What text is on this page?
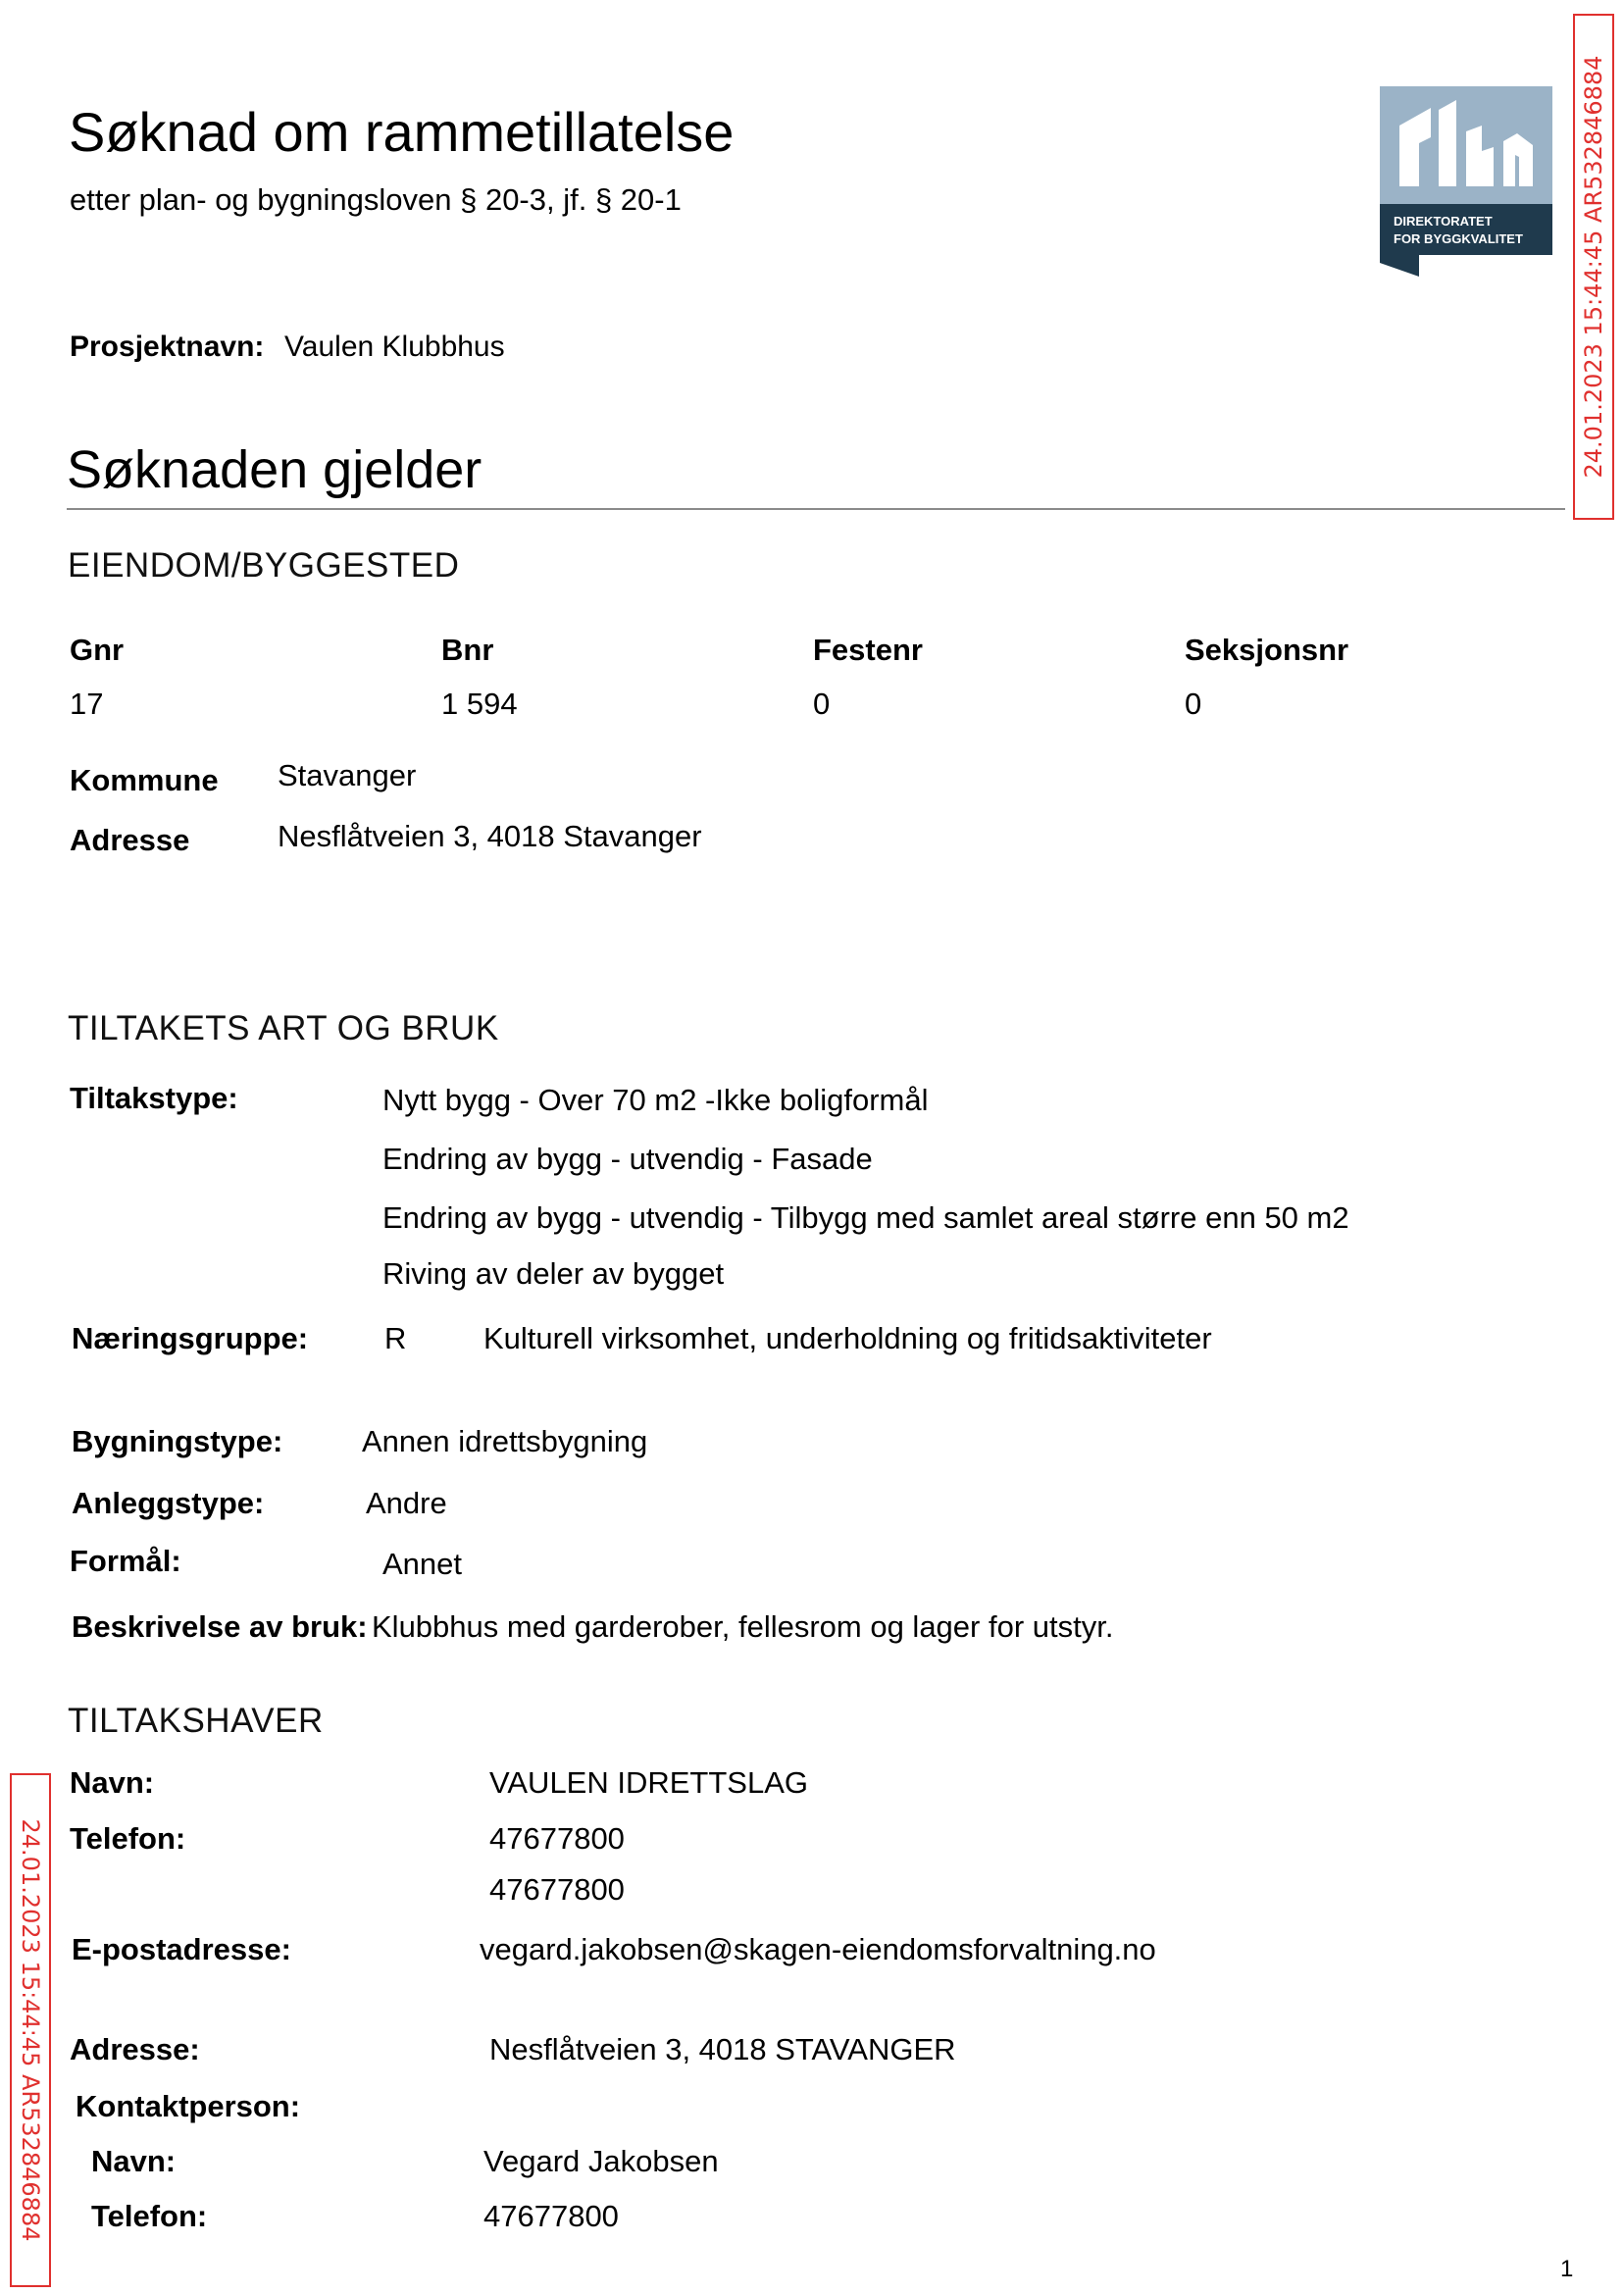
Søknad om rammetillatelse
etter plan- og bygningsloven § 20-3, jf. § 20-1
DIREKTORATET
FOR BYGGKVALITET 24.01.2023 15:44:45 AR532846884
24.01.2023 15:44:45 AR532846884
Prosjektnavn: Vaulen Klubbhus
Søknaden gjelder
EIENDOM/BYGGESTED
Gnr	Bnr	Festenr	Seksjonsnr
17	1 594	0	0
Kommune Stavanger
Adresse	Nesflåtveien 3, 4018 Stavanger
TILTAKETS ART OG BRUK
Tiltakstype:	Nytt bygg - Over 70 m2 -Ikke boligformål
Endring av bygg - utvendig - Fasade
Endring av bygg - utvendig - Tilbygg med samlet areal større enn 50 m2
Riving av deler av bygget
Næringsgruppe:	R	Kulturell virksomhet, underholdning og fritidsaktiviteter
Bygningstype:	Annen idrettsbygning
Anleggstype:	Andre
Formål:	Annet
Beskrivelse av bruk: Klubbhus med garderober, fellesrom og lager for utstyr.
TILTAKSHAVER
Navn:	VAULEN IDRETTSLAG
Telefon:	47677800
47677800
E-postadresse:	vegard.jakobsen@skagen-eiendomsforvaltning.no
Adresse:	Nesflåtveien 3, 4018 STAVANGER
Kontaktperson:
Navn:	Vegard Jakobsen
Telefon:	47677800
1
